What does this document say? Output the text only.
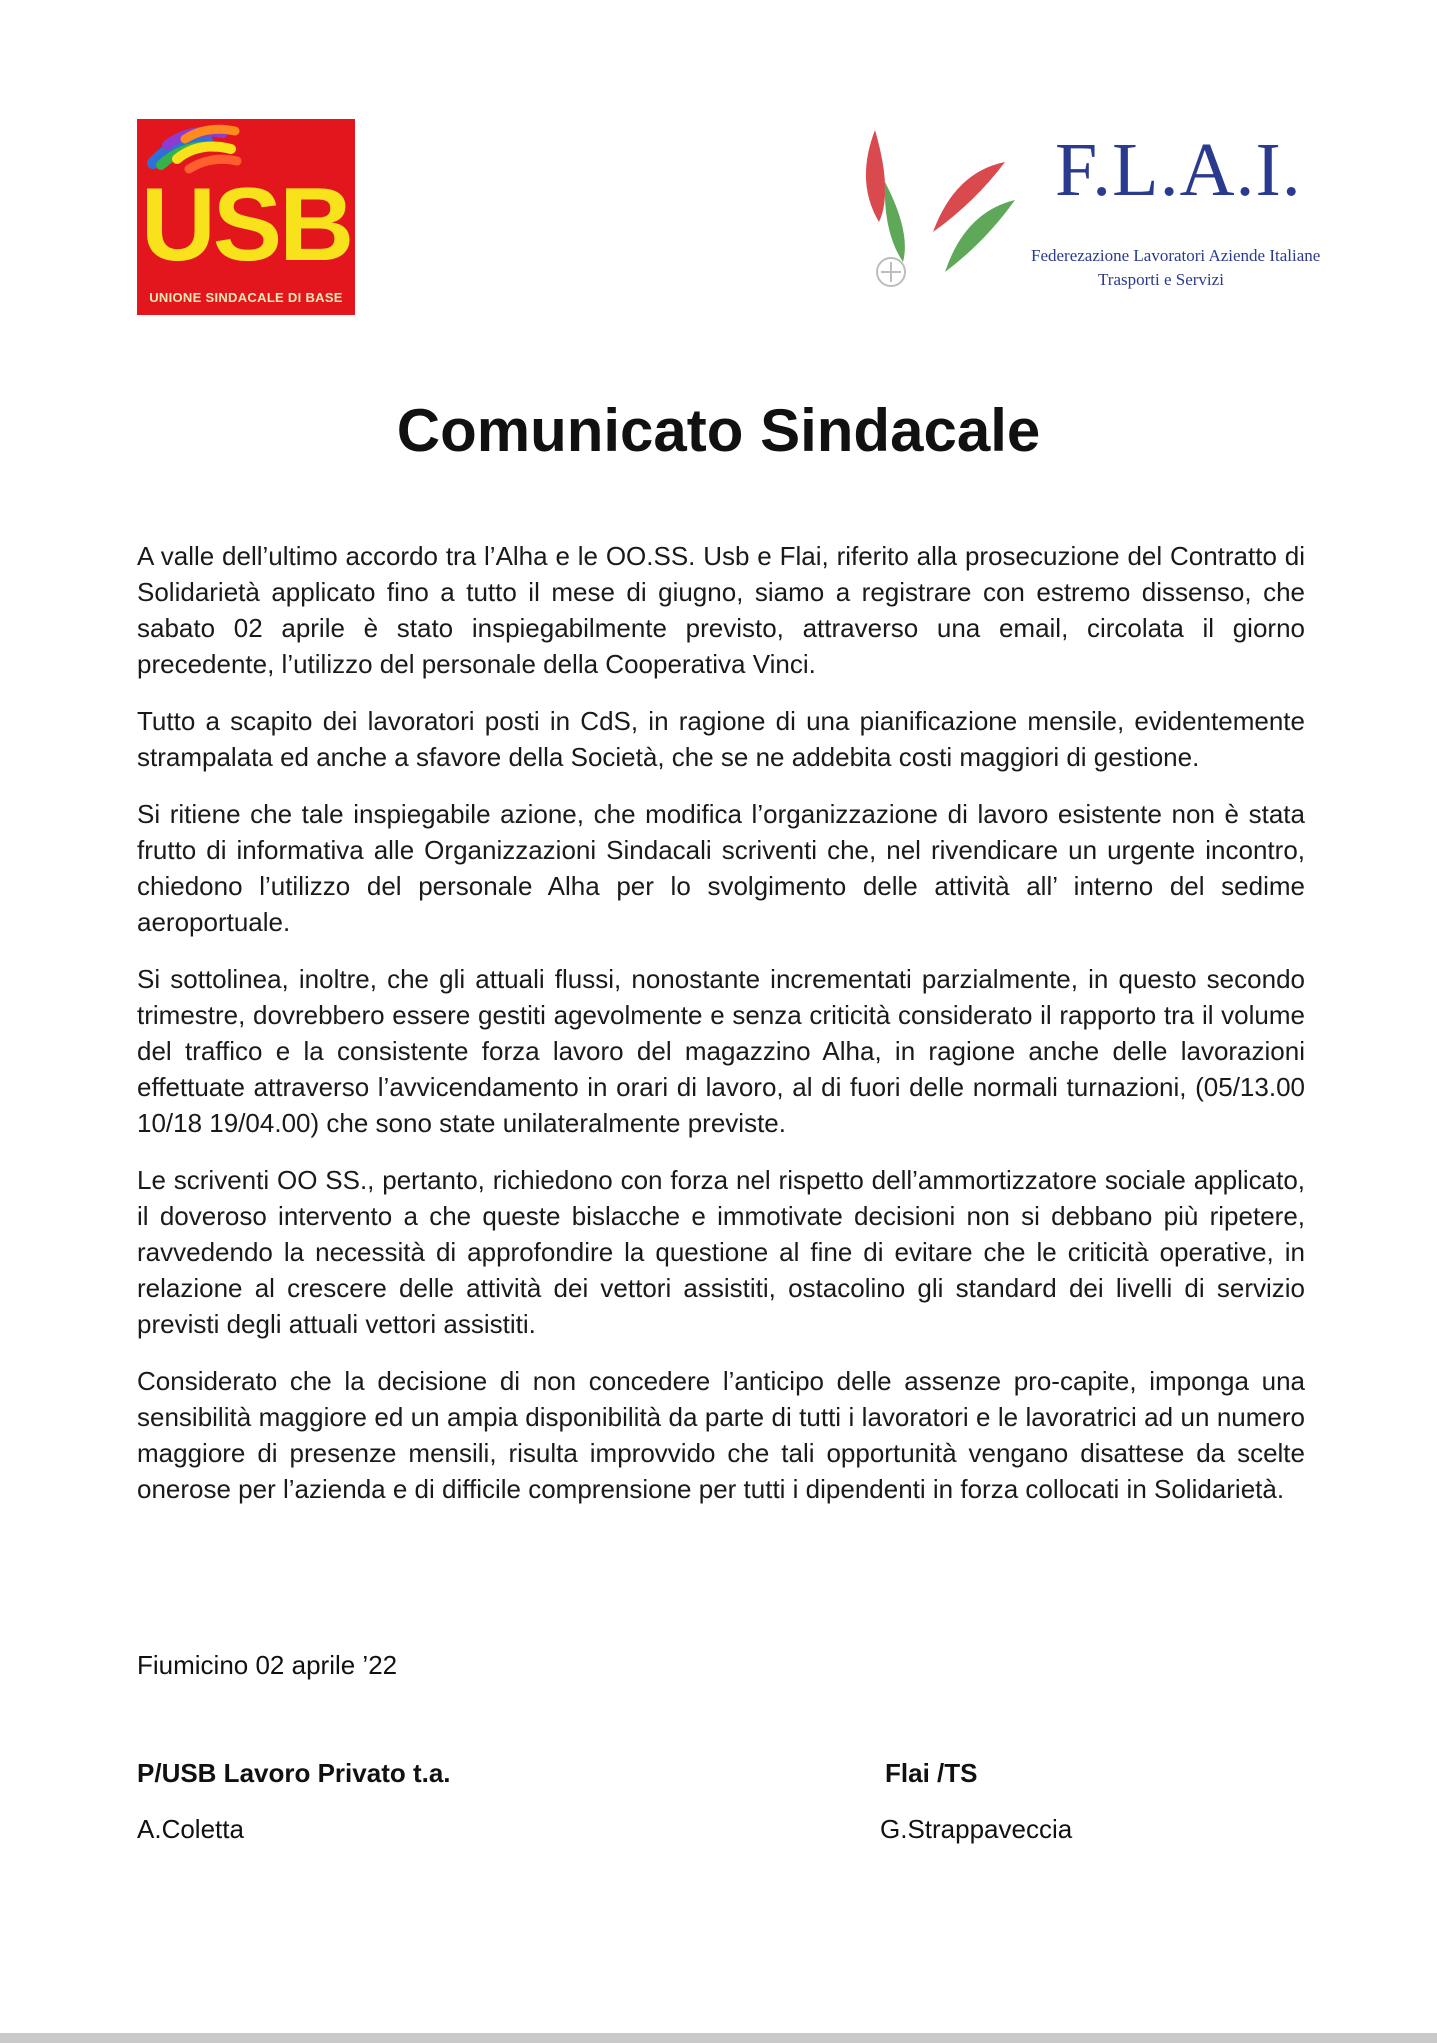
USB
UNIONE SINDACALE DI BASE
F.L.A.I.
Federezazione Lavoratori Aziende Italiane
Trasporti e Servizi
Comunicato Sindacale

A valle dell’ultimo accordo tra l’Alha e le OO.SS. Usb e Flai, riferito alla prosecuzione del Contratto di Solidarietà applicato fino a tutto il mese di giugno, siamo a registrare con estremo dissenso, che sabato 02 aprile è stato inspiegabilmente previsto, attraverso una email, circolata il giorno precedente, l’utilizzo del personale della Cooperativa Vinci.

Tutto a scapito dei lavoratori posti in CdS, in ragione di una pianificazione mensile, evidentemente strampalata ed anche a sfavore della Società, che se ne addebita costi maggiori di gestione.

Si ritiene che tale inspiegabile azione, che modifica l’organizzazione di lavoro esistente non è stata frutto di informativa alle Organizzazioni Sindacali scriventi che, nel rivendicare un urgente incontro, chiedono l’utilizzo del personale Alha per lo svolgimento delle attività all’ interno del sedime aeroportuale.

Si sottolinea, inoltre, che gli attuali flussi, nonostante incrementati parzialmente, in questo secondo trimestre, dovrebbero essere gestiti agevolmente e senza criticità considerato il rapporto tra il volume del traffico e la consistente forza lavoro del magazzino Alha, in ragione anche delle lavorazioni effettuate attraverso l’avvicendamento in orari di lavoro, al di fuori delle normali turnazioni, (05/13.00 10/18 19/04.00) che sono state unilateralmente previste.

Le scriventi OO SS., pertanto, richiedono con forza nel rispetto dell’ammortizzatore sociale applicato, il doveroso intervento a che queste bislacche e immotivate decisioni non si debbano più ripetere, ravvedendo la necessità di approfondire la questione al fine di evitare che le criticità operative, in relazione al crescere delle attività dei vettori assistiti, ostacolino gli standard dei livelli di servizio previsti degli attuali vettori assistiti.

Considerato che la decisione di non concedere l’anticipo delle assenze pro-capite, imponga una sensibilità maggiore ed un ampia disponibilità da parte di tutti i lavoratori e le lavoratrici ad un numero maggiore di presenze mensili, risulta improvvido che tali opportunità vengano disattese da scelte onerose per l’azienda e di difficile comprensione per tutti i dipendenti in forza collocati in Solidarietà.

Fiumicino 02 aprile ’22

P/USB Lavoro Privato t.a.

A.Coletta

Flai /TS

G.Strappaveccia
